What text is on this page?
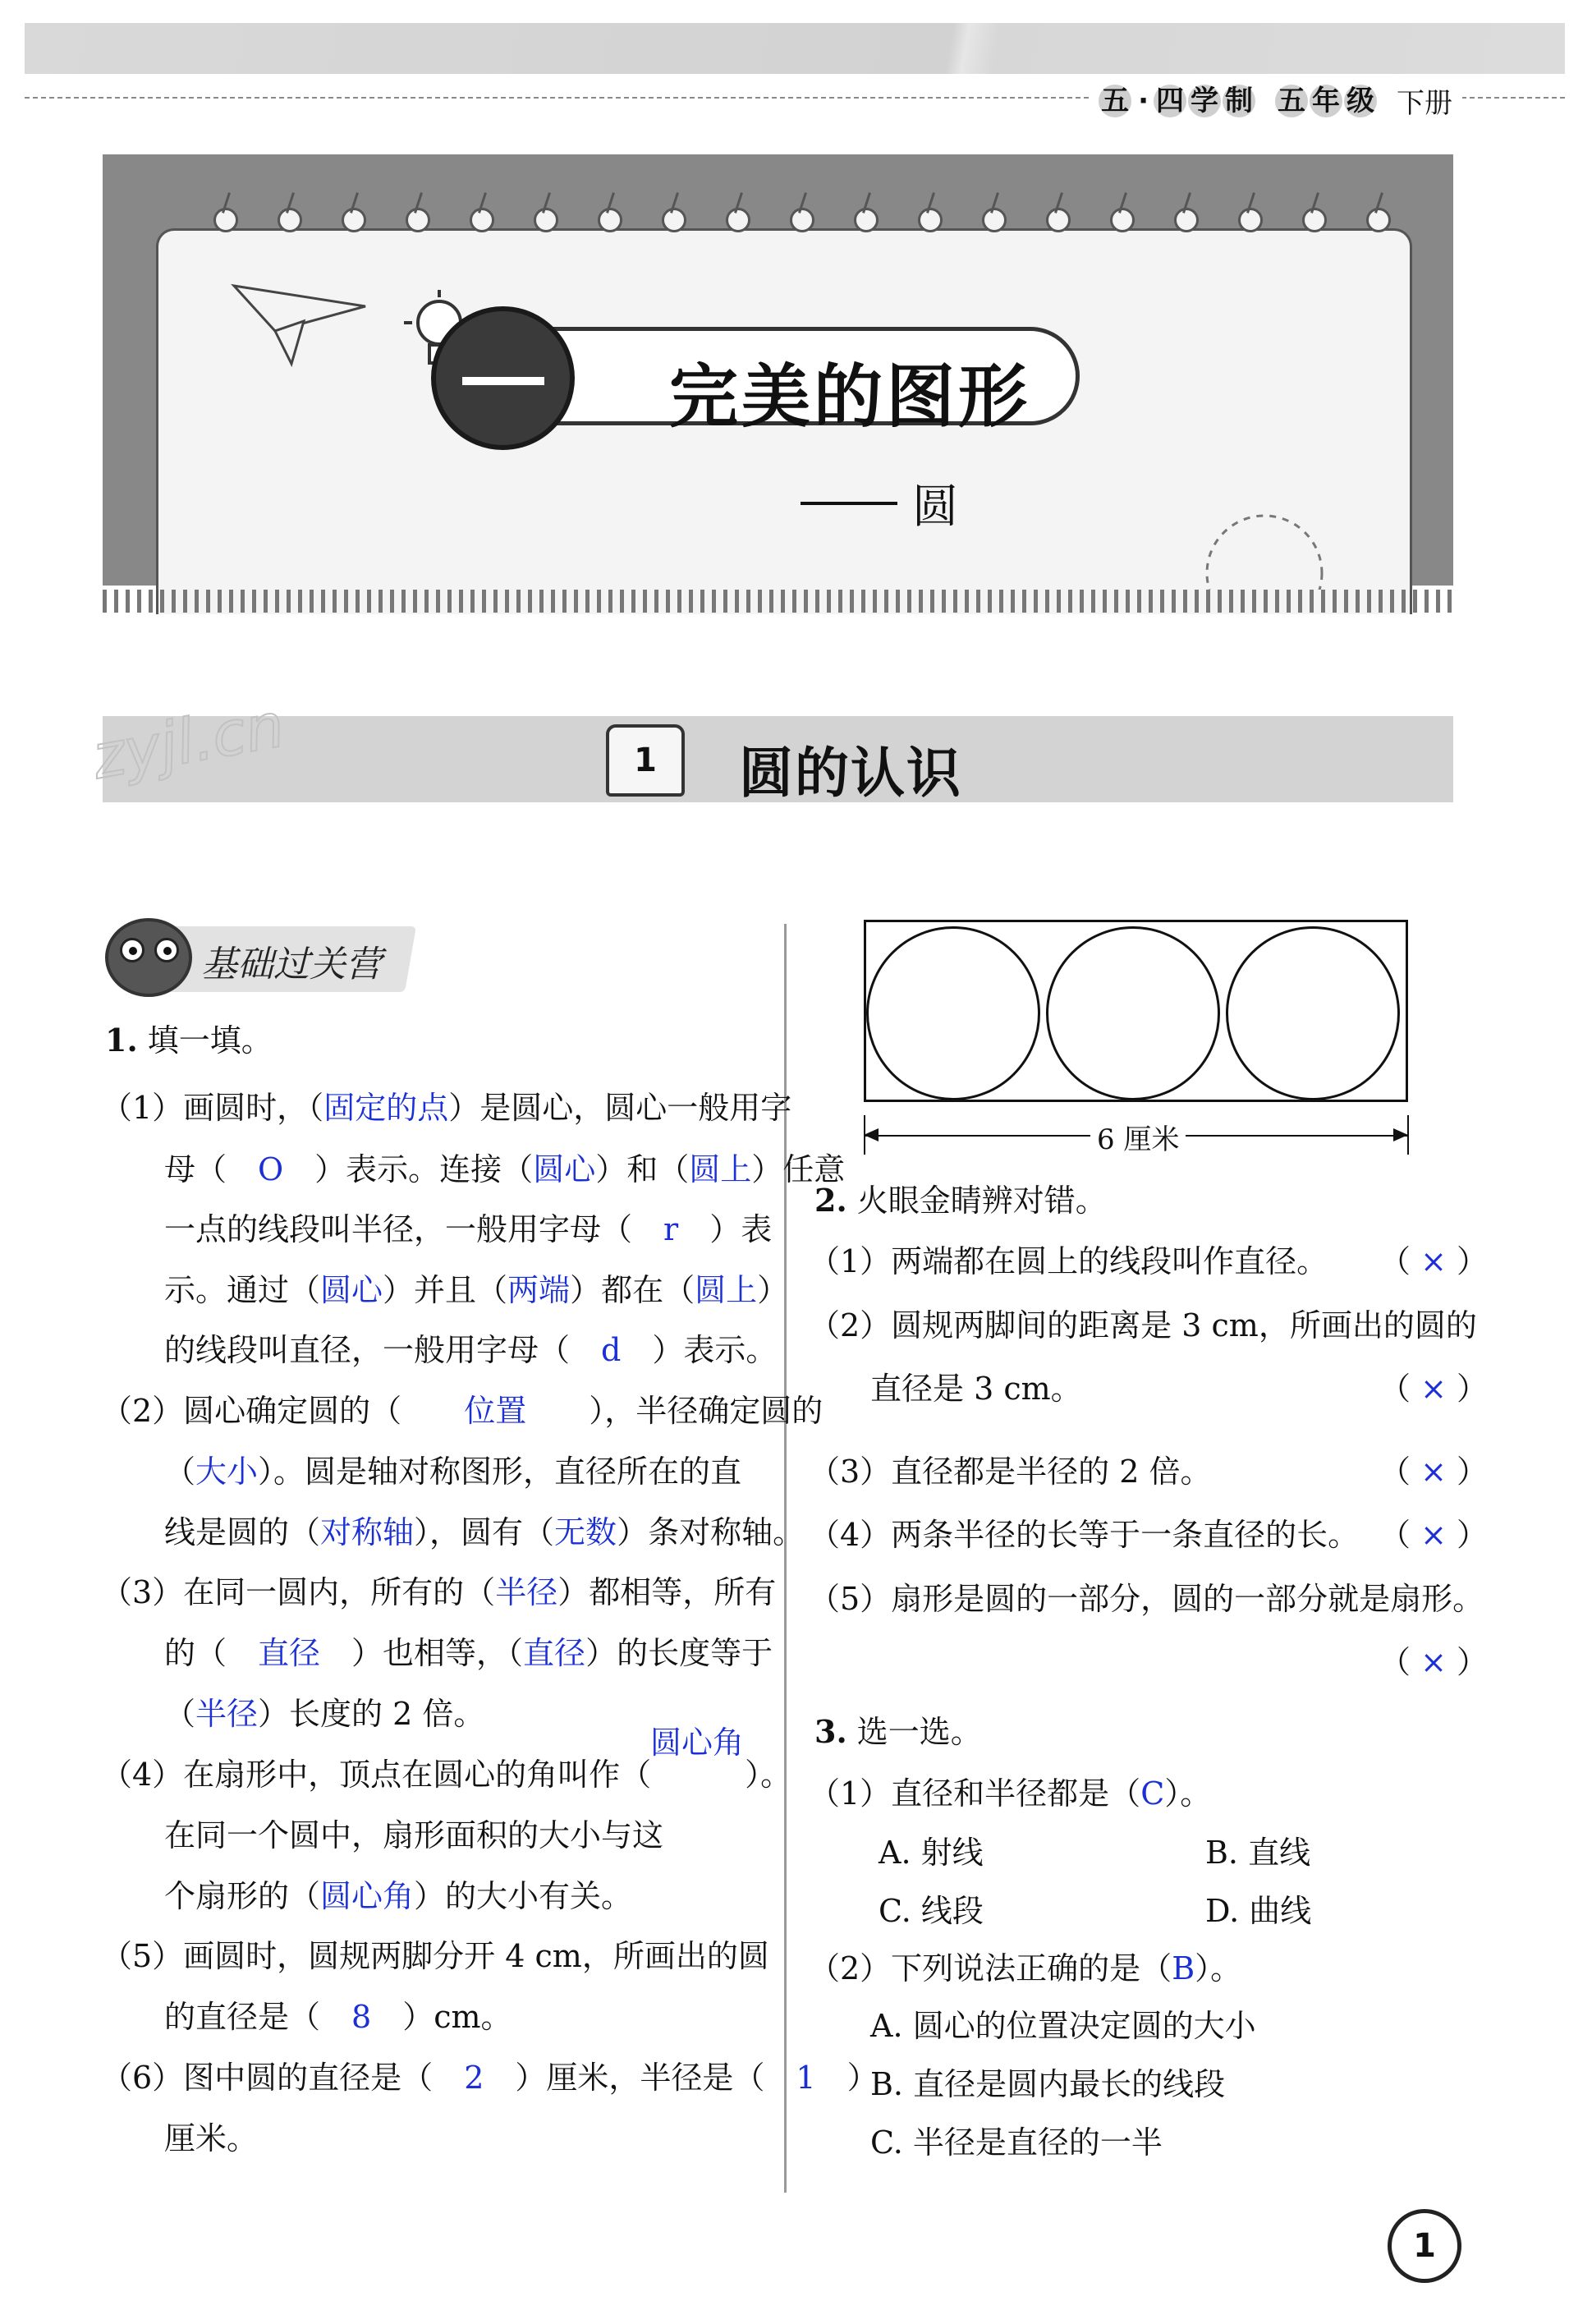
五 · 四 学 制 五 年 级 下册
完美的图形
圆
zyjl.cn	1	圆的认识
基础过关营
1. 填一填。
（1）画圆时，（固定的点）是圆心，圆心一般用字
母（　O　）表示。连接（圆心）和（圆上）任意
一点的线段叫半径，一般用字母（　r　）表
示。通过（圆心）并且（两端）都在（圆上）
的线段叫直径，一般用字母（　d　）表示。
（2）圆心确定圆的（　　位置　　），半径确定圆的
（大小）。圆是轴对称图形，直径所在的直
线是圆的（对称轴），圆有（无数）条对称轴。
（3）在同一圆内，所有的（半径）都相等，所有
的（　直径　）也相等，（直径）的长度等于
（半径）长度的 2 倍。
（4）在扇形中，顶点在圆心的角叫作（　　　）。
在同一个圆中，扇形面积的大小与这
个扇形的（圆心角）的大小有关。
（5）画圆时，圆规两脚分开 4 cm，所画出的圆
的直径是（　8　）cm。
（6）图中圆的直径是（　2　）厘米，半径是（　1　）
厘米。
圆心角
6 厘米
2. 火眼金睛辨对错。
（1）两端都在圆上的线段叫作直径。 （ × ）
（2）圆规两脚间的距离是 3 cm，所画出的圆的
直径是 3 cm。	（ × ）
（3）直径都是半径的 2 倍。	（ × ）
（4）两条半径的长等于一条直径的长。 （ × ）
（5）扇形是圆的一部分，圆的一部分就是扇形。
（ × ）
3. 选一选。
（1）直径和半径都是（C）。
A. 射线	B. 直线
C. 线段	D. 曲线
（2）下列说法正确的是（B）。
A. 圆心的位置决定圆的大小
B. 直径是圆内最长的线段
C. 半径是直径的一半
1
